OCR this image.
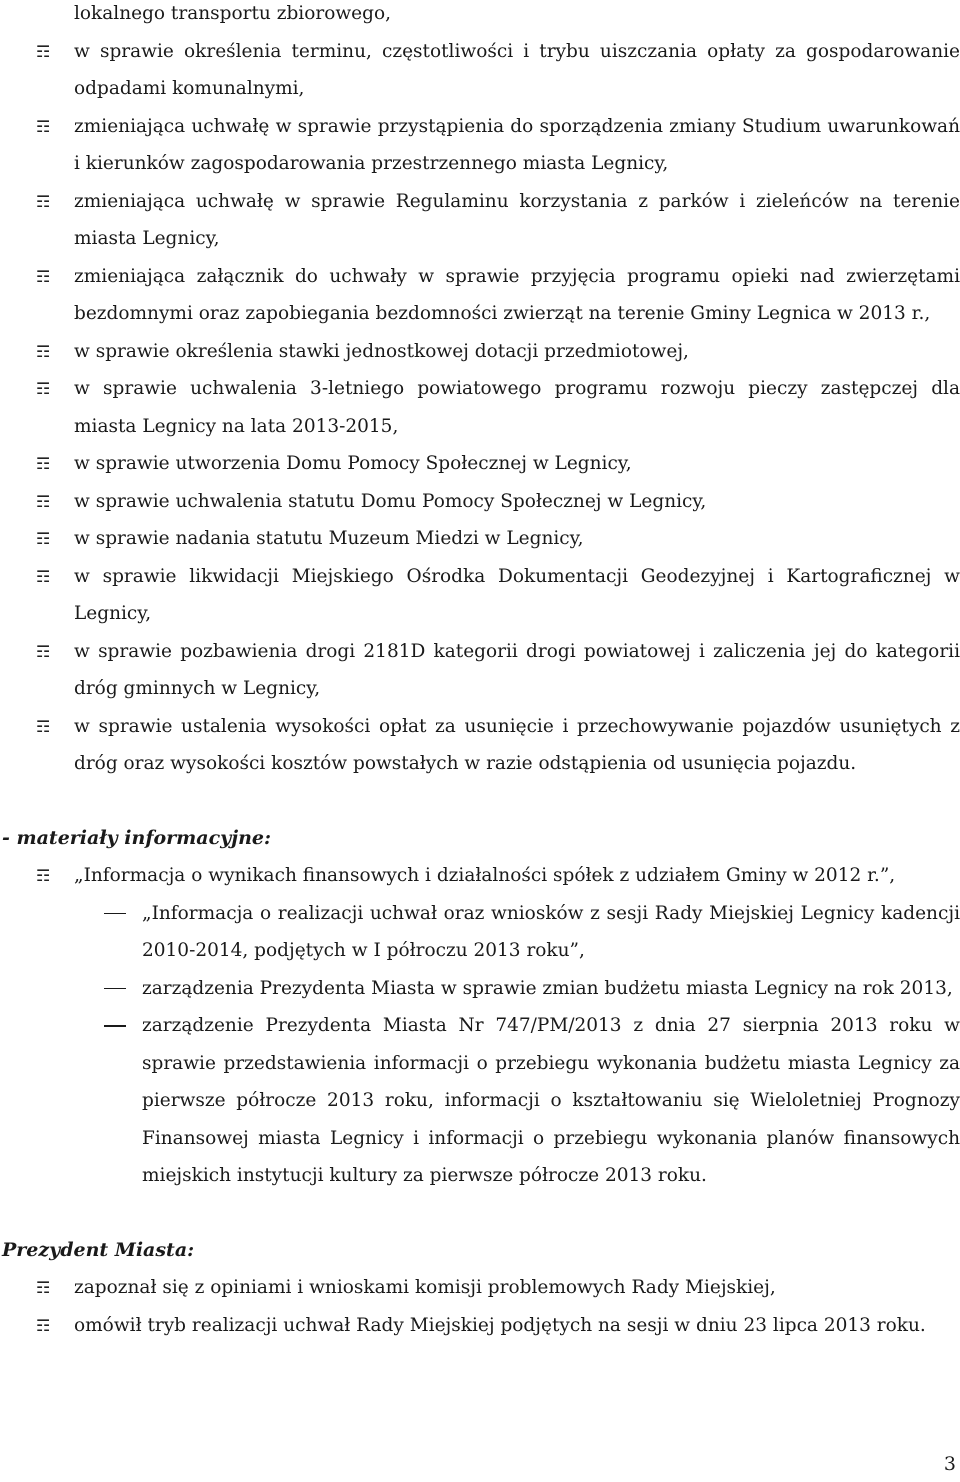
lokalnego transportu zbiorowego,

☶ w sprawie określenia terminu, częstotliwości i trybu uiszczania opłaty za gospodarowanie odpadami komunalnymi,
☶ zmieniająca uchwałę w sprawie przystąpienia do sporządzenia zmiany Studium uwarunkowań i kierunków zagospodarowania przestrzennego miasta Legnicy,
☶ zmieniająca uchwałę w sprawie Regulaminu korzystania z parków i zieleńców na terenie miasta Legnicy,
☶ zmieniająca załącznik do uchwały w sprawie przyjęcia programu opieki nad zwierzętami bezdomnymi oraz zapobiegania bezdomności zwierząt na terenie Gminy Legnica w 2013 r.,
☶ w sprawie określenia stawki jednostkowej dotacji przedmiotowej,
☶ w sprawie uchwalenia 3-letniego powiatowego programu rozwoju pieczy zastępczej dla miasta Legnicy na lata 2013-2015,
☶ w sprawie utworzenia Domu Pomocy Społecznej w Legnicy,
☶ w sprawie uchwalenia statutu Domu Pomocy Społecznej w Legnicy,
☶ w sprawie nadania statutu Muzeum Miedzi w Legnicy,
☶ w sprawie likwidacji Miejskiego Ośrodka Dokumentacji Geodezyjnej i Kartograficznej w Legnicy,
☶ w sprawie pozbawienia drogi 2181D kategorii drogi powiatowej i zaliczenia jej do kategorii dróg gminnych w Legnicy,
☶ w sprawie ustalenia wysokości opłat za usunięcie i przechowywanie pojazdów usuniętych z dróg oraz wysokości kosztów powstałych w razie odstąpienia od usunięcia pojazdu.

- materiały informacyjne:

☶ „Informacja o wynikach finansowych i działalności spółek z udziałem Gminy w 2012 r.”,
„Informacja o realizacji uchwał oraz wniosków z sesji Rady Miejskiej Legnicy kadencji 2010-2014, podjętych w I półroczu 2013 roku”,
zarządzenia Prezydenta Miasta w sprawie zmian budżetu miasta Legnicy na rok 2013,
zarządzenie Prezydenta Miasta Nr 747/PM/2013 z dnia 27 sierpnia 2013 roku w sprawie przedstawienia informacji o przebiegu wykonania budżetu miasta Legnicy za pierwsze półrocze 2013 roku, informacji o kształtowaniu się Wieloletniej Prognozy Finansowej miasta Legnicy i informacji o przebiegu wykonania planów finansowych miejskich instytucji kultury za pierwsze półrocze 2013 roku.

Prezydent Miasta:

☶ zapoznał się z opiniami i wnioskami komisji problemowych Rady Miejskiej,
☶ omówił tryb realizacji uchwał Rady Miejskiej podjętych na sesji w dniu 23 lipca 2013 roku.
3
